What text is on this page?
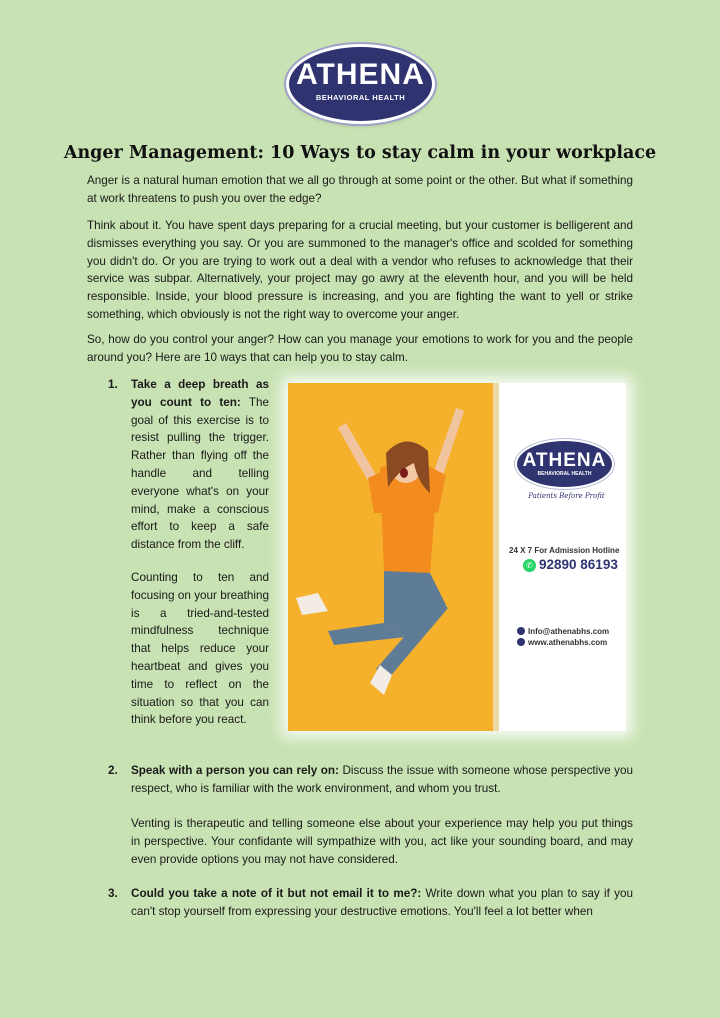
ATHENA
BEHAVIORAL HEALTH
Anger Management: 10 Ways to stay calm in your workplace

Anger is a natural human emotion that we all go through at some point or the other. But what if something at work threatens to push you over the edge?

Think about it. You have spent days preparing for a crucial meeting, but your customer is belligerent and dismisses everything you say. Or you are summoned to the manager's office and scolded for something you didn't do. Or you are trying to work out a deal with a vendor who refuses to acknowledge that their service was subpar. Alternatively, your project may go awry at the eleventh hour, and you will be held responsible. Inside, your blood pressure is increasing, and you are fighting the want to yell or strike something, which obviously is not the right way to overcome your anger.

So, how do you control your anger? How can you manage your emotions to work for you and the people around you? Here are 10 ways that can help you to stay calm.

1. Take a deep breath as you count to ten: The goal of this exercise is to resist pulling the trigger. Rather than flying off the handle and telling everyone what's on your mind, make a conscious effort to keep a safe distance from the cliff.

Counting to ten and focusing on your breathing is a tried-and-tested mindfulness technique that helps reduce your heartbeat and gives you time to reflect on the situation so that you can think before you react.

ATHENA
BEHAVIORAL HEALTH
Patients Before Profit
24 X 7 For Admission Hotline
✆ 92890 86193
Info@athenabhs.com
www.athenabhs.com
2. Speak with a person you can rely on: Discuss the issue with someone whose perspective you respect, who is familiar with the work environment, and whom you trust.

Venting is therapeutic and telling someone else about your experience may help you put things in perspective. Your confidante will sympathize with you, act like your sounding board, and may even provide options you may not have considered.

3. Could you take a note of it but not email it to me?: Write down what you plan to say if you can't stop yourself from expressing your destructive emotions. You'll feel a lot better when
